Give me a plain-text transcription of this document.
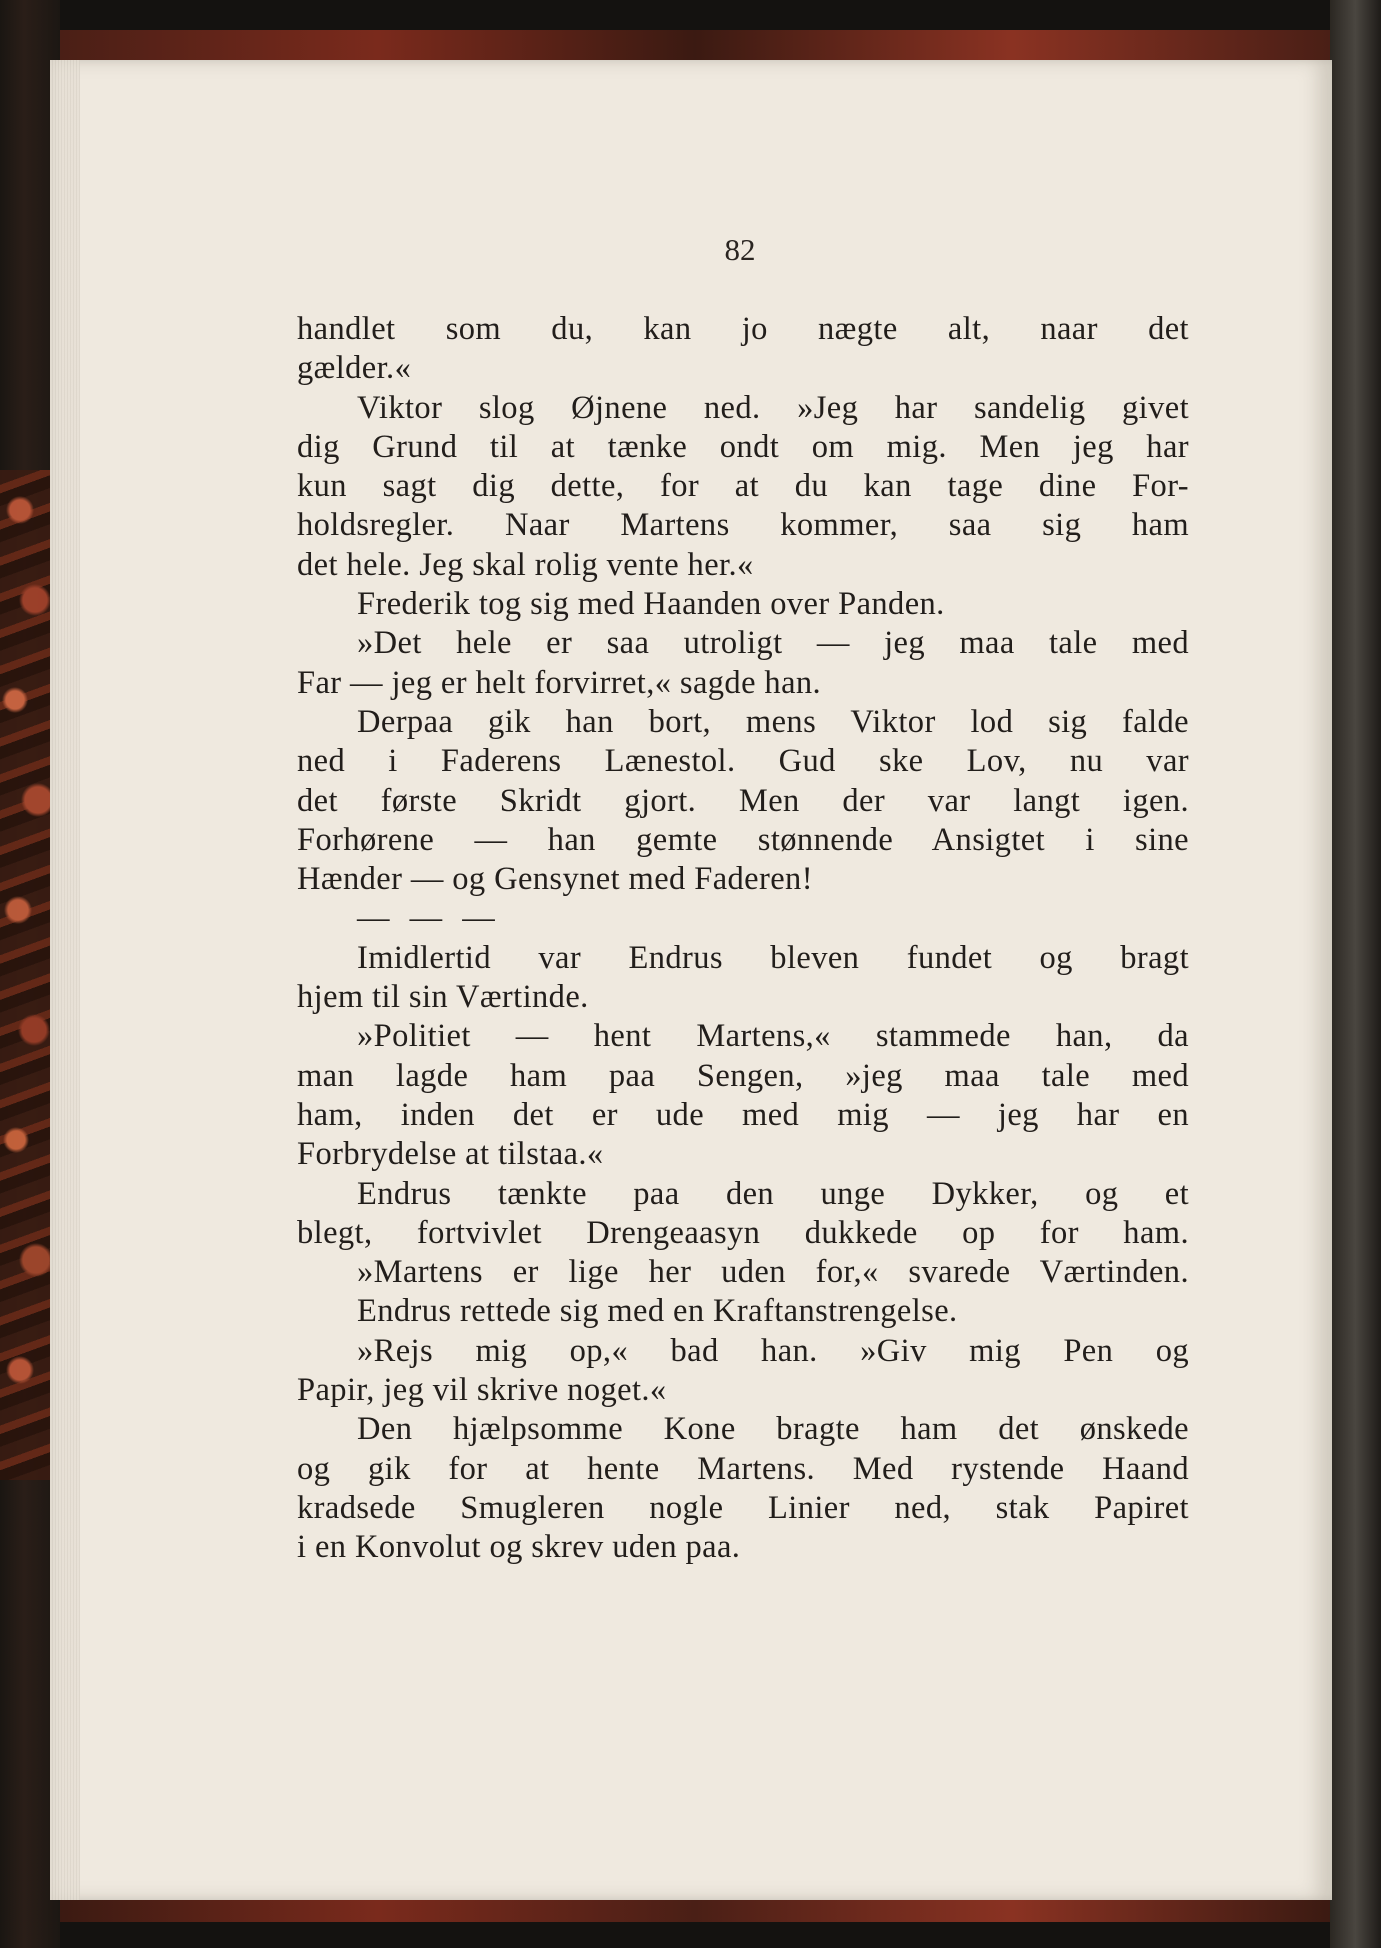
82
handlet som du, kan jo nægte alt, naar det
gælder.«
Viktor slog Øjnene ned. »Jeg har sandelig givet
dig Grund til at tænke ondt om mig. Men jeg har
kun sagt dig dette, for at du kan tage dine For-
holdsregler. Naar Martens kommer, saa sig ham
det hele. Jeg skal rolig vente her.«
Frederik tog sig med Haanden over Panden.
»Det hele er saa utroligt — jeg maa tale med
Far — jeg er helt forvirret,« sagde han.
Derpaa gik han bort, mens Viktor lod sig falde
ned i Faderens Lænestol. Gud ske Lov, nu var
det første Skridt gjort. Men der var langt igen.
Forhørene — han gemte stønnende Ansigtet i sine
Hænder — og Gensynet med Faderen!
— — —
Imidlertid var Endrus bleven fundet og bragt
hjem til sin Værtinde.
»Politiet — hent Martens,« stammede han, da
man lagde ham paa Sengen, »jeg maa tale med
ham, inden det er ude med mig — jeg har en
Forbrydelse at tilstaa.«
Endrus tænkte paa den unge Dykker, og et
blegt, fortvivlet Drengeaasyn dukkede op for ham.
»Martens er lige her uden for,« svarede Værtinden.
Endrus rettede sig med en Kraftanstrengelse.
»Rejs mig op,« bad han. »Giv mig Pen og
Papir, jeg vil skrive noget.«
Den hjælpsomme Kone bragte ham det ønskede
og gik for at hente Martens. Med rystende Haand
kradsede Smugleren nogle Linier ned, stak Papiret
i en Konvolut og skrev uden paa.
